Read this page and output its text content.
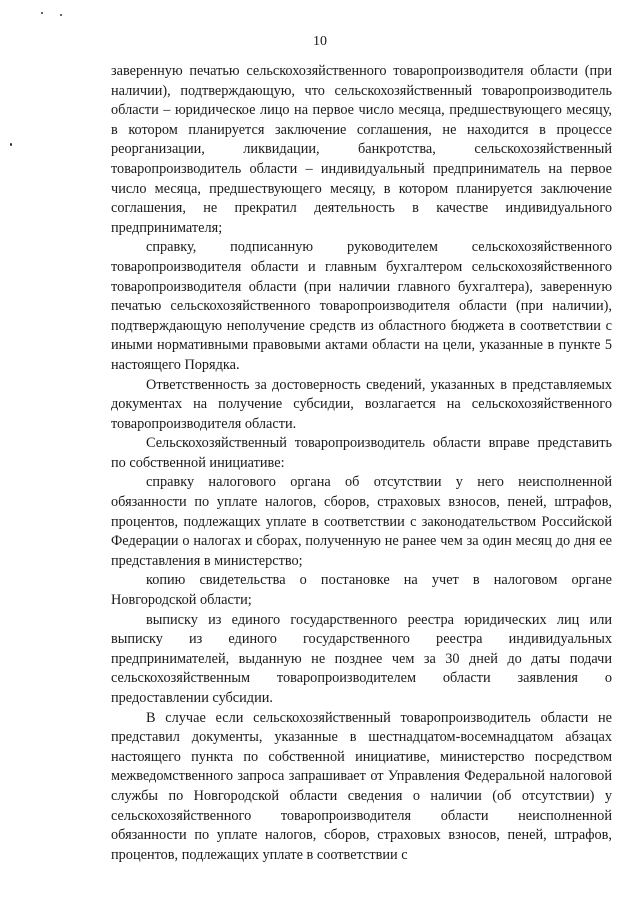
10

заверенную печатью сельскохозяйственного товаропроизводителя области (при наличии), подтверждающую, что сельскохозяйственный товаропроизводитель области – юридическое лицо на первое число месяца, предшествующего месяцу, в котором планируется заключение соглашения, не находится в процессе реорганизации, ликвидации, банкротства, сельскохозяйственный товаропроизводитель области – индивидуальный предприниматель на первое число месяца, предшествующего месяцу, в котором планируется заключение соглашения, не прекратил деятельность в качестве индивидуального предпринимателя;

справку, подписанную руководителем сельскохозяйственного товаропроизводителя области и главным бухгалтером сельскохозяйственного товаропроизводителя области (при наличии главного бухгалтера), заверенную печатью сельскохозяйственного товаропроизводителя области (при наличии), подтверждающую неполучение средств из областного бюджета в соответствии с иными нормативными правовыми актами области на цели, указанные в пункте 5 настоящего Порядка.

Ответственность за достоверность сведений, указанных в представляемых документах на получение субсидии, возлагается на сельскохозяйственного товаропроизводителя области.

Сельскохозяйственный товаропроизводитель области вправе представить по собственной инициативе:

справку налогового органа об отсутствии у него неисполненной обязанности по уплате налогов, сборов, страховых взносов, пеней, штрафов, процентов, подлежащих уплате в соответствии с законодательством Российской Федерации о налогах и сборах, полученную не ранее чем за один месяц до дня ее представления в министерство;

копию свидетельства о постановке на учет в налоговом органе Новгородской области;

выписку из единого государственного реестра юридических лиц или выписку из единого государственного реестра индивидуальных предпринимателей, выданную не позднее чем за 30 дней до даты подачи сельскохозяйственным товаропроизводителем области заявления о предоставлении субсидии.

В случае если сельскохозяйственный товаропроизводитель области не представил документы, указанные в шестнадцатом-восемнадцатом абзацах настоящего пункта по собственной инициативе, министерство посредством межведомственного запроса запрашивает от Управления Федеральной налоговой службы по Новгородской области сведения о наличии (об отсутствии) у сельскохозяйственного товаропроизводителя области неисполненной обязанности по уплате налогов, сборов, страховых взносов, пеней, штрафов, процентов, подлежащих уплате в соответствии с
